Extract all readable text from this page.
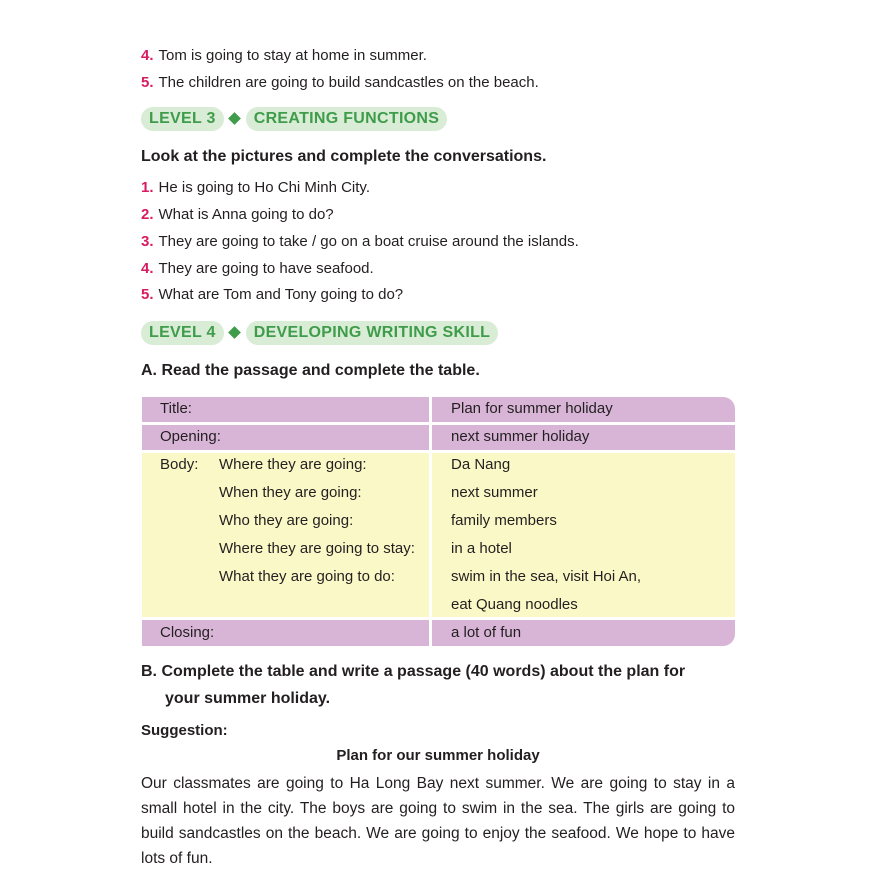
4. Tom is going to stay at home in summer.
5. The children are going to build sandcastles on the beach.
LEVEL 3	CREATING FUNCTIONS
Look at the pictures and complete the conversations.
1. He is going to Ho Chi Minh City.
2. What is Anna going to do?
3. They are going to take / go on a boat cruise around the islands.
4. They are going to have seafood.
5. What are Tom and Tony going to do?
LEVEL 4	DEVELOPING WRITING SKILL
A. Read the passage and complete the table.
Title:	Plan for summer holiday
Opening:	next summer holiday
Body: Where they are going:	Da Nang
When they are going:	next summer
Who they are going:	family members
Where they are going to stay: in a hotel
What they are going to do:	swim in the sea, visit Hoi An,
eat Quang noodles
Closing:	a lot of fun
B. Complete the table and write a passage (40 words) about the plan for
your summer holiday.
Suggestion:
Plan for our summer holiday
Our classmates are going to Ha Long Bay next summer. We are going to stay in a small hotel in the city. The boys are going to swim in the sea. The girls are going to build sandcastles on the beach. We are going to enjoy the seafood. We hope to have lots of fun.
